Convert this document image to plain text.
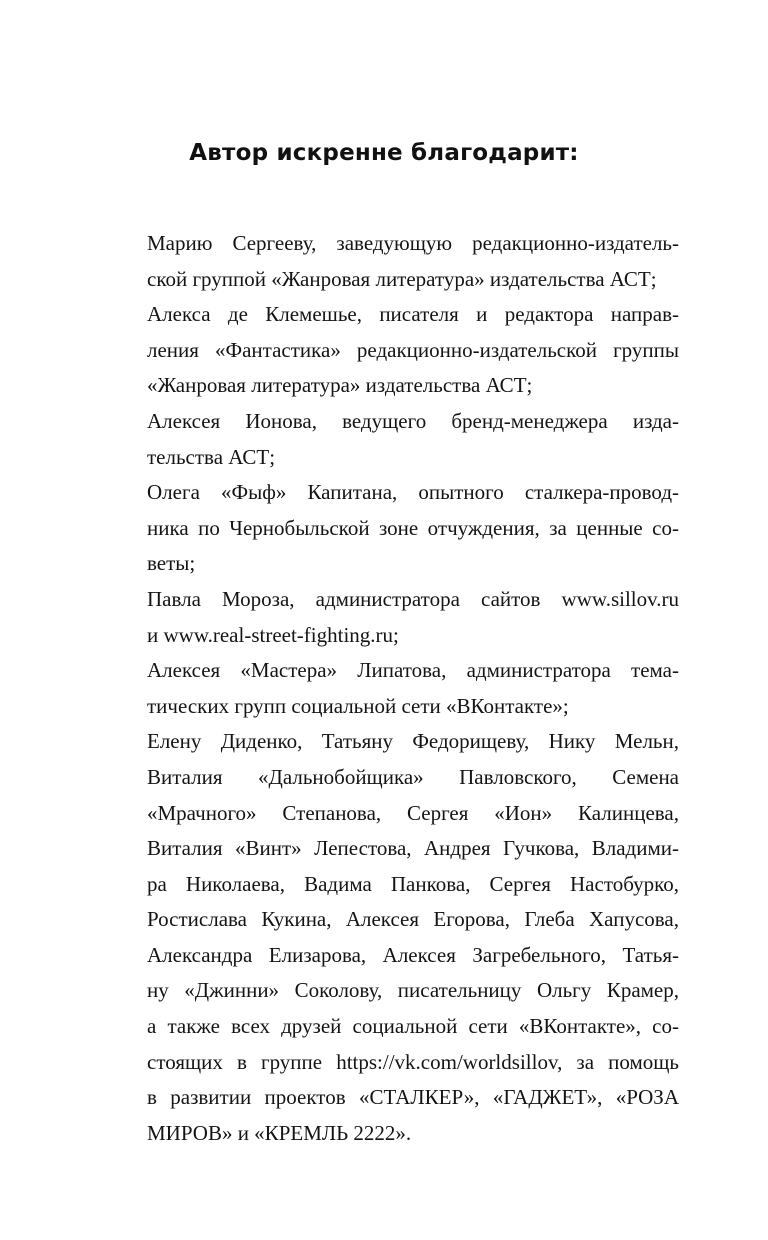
Автор искренне благодарит:
Марию Сергееву, заведующую редакционно-издатель-
ской группой «Жанровая литература» издательства АСТ;
Алекса де Клемешье, писателя и редактора направ-
ления «Фантастика» редакционно-издательской группы
«Жанровая литература» издательства АСТ;
Алексея Ионова, ведущего бренд-менеджера изда-
тельства АСТ;
Олега «Фыф» Капитана, опытного сталкера-провод-
ника по Чернобыльской зоне отчуждения, за ценные со-
веты;
Павла Мороза, администратора сайтов www.sillov.ru
и www.real-street-fighting.ru;
Алексея «Мастера» Липатова, администратора тема-
тических групп социальной сети «ВКонтакте»;
Елену Диденко, Татьяну Федорищеву, Нику Мельн,
Виталия «Дальнобойщика» Павловского, Семена
«Мрачного» Степанова, Сергея «Ион» Калинцева,
Виталия «Винт» Лепестова, Андрея Гучкова, Владими-
ра Николаева, Вадима Панкова, Сергея Настобурко,
Ростислава Кукина, Алексея Егорова, Глеба Хапусова,
Александра Елизарова, Алексея Загребельного, Татья-
ну «Джинни» Соколову, писательницу Ольгу Крамер,
а также всех друзей социальной сети «ВКонтакте», со-
стоящих в группе https://vk.com/worldsillov, за помощь
в развитии проектов «СТАЛКЕР», «ГАДЖЕТ», «РОЗА
МИРОВ» и «КРЕМЛЬ 2222».
